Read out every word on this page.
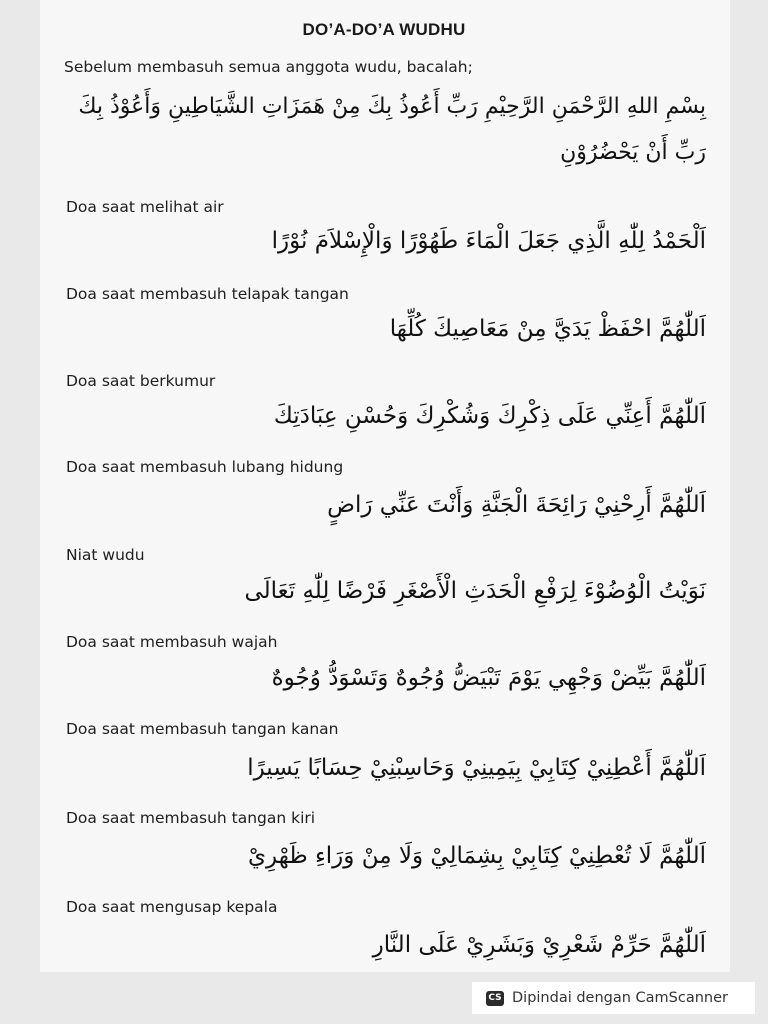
DO’A-DO’A WUDHU
Sebelum membasuh semua anggota wudu, bacalah;
بِسْمِ اللهِ الرَّحْمَنِ الرَّحِيْمِ رَبِّ أَعُوذُ بِكَ مِنْ هَمَزَاتِ الشَّيَاطِينِ وَأَعُوْذُ بِكَ
رَبِّ أَنْ يَحْضُرُوْنِ
Doa saat melihat air
اَلْحَمْدُ لِلّٰهِ الَّذِي جَعَلَ الْمَاءَ طَهُوْرًا وَالْإِسْلاَمَ نُوْرًا
Doa saat membasuh telapak tangan
اَللّٰهُمَّ احْفَظْ يَدَيَّ مِنْ مَعَاصِيكَ كُلِّهَا
Doa saat berkumur
اَللّٰهُمَّ أَعِنِّي عَلَى ذِكْرِكَ وَشُكْرِكَ وَحُسْنِ عِبَادَتِكَ
Doa saat membasuh lubang hidung
اَللّٰهُمَّ أَرِحْنِيْ رَائِحَةَ الْجَنَّةِ وَأَنْتَ عَنِّي رَاضٍ
Niat wudu
نَوَيْتُ الْوُضُوْءَ لِرَفْعِ الْحَدَثِ الْأَصْغَرِ فَرْضًا لِلّٰهِ تَعَالَى
Doa saat membasuh wajah
اَللّٰهُمَّ بَيِّضْ وَجْهِي يَوْمَ تَبْيَضُّ وُجُوهٌ وَتَسْوَدُّ وُجُوهٌ
Doa saat membasuh tangan kanan
اَللّٰهُمَّ أَعْطِنِيْ كِتَابِيْ بِيَمِينِيْ وَحَاسِبْنِيْ حِسَابًا يَسِيرًا
Doa saat membasuh tangan kiri
اَللّٰهُمَّ لَا تُعْطِنِيْ كِتَابِيْ بِشِمَالِيْ وَلَا مِنْ وَرَاءِ ظَهْرِيْ
Doa saat mengusap kepala
اَللّٰهُمَّ حَرِّمْ شَعْرِيْ وَبَشَرِيْ عَلَى النَّارِ
CS Dipindai dengan CamScanner
